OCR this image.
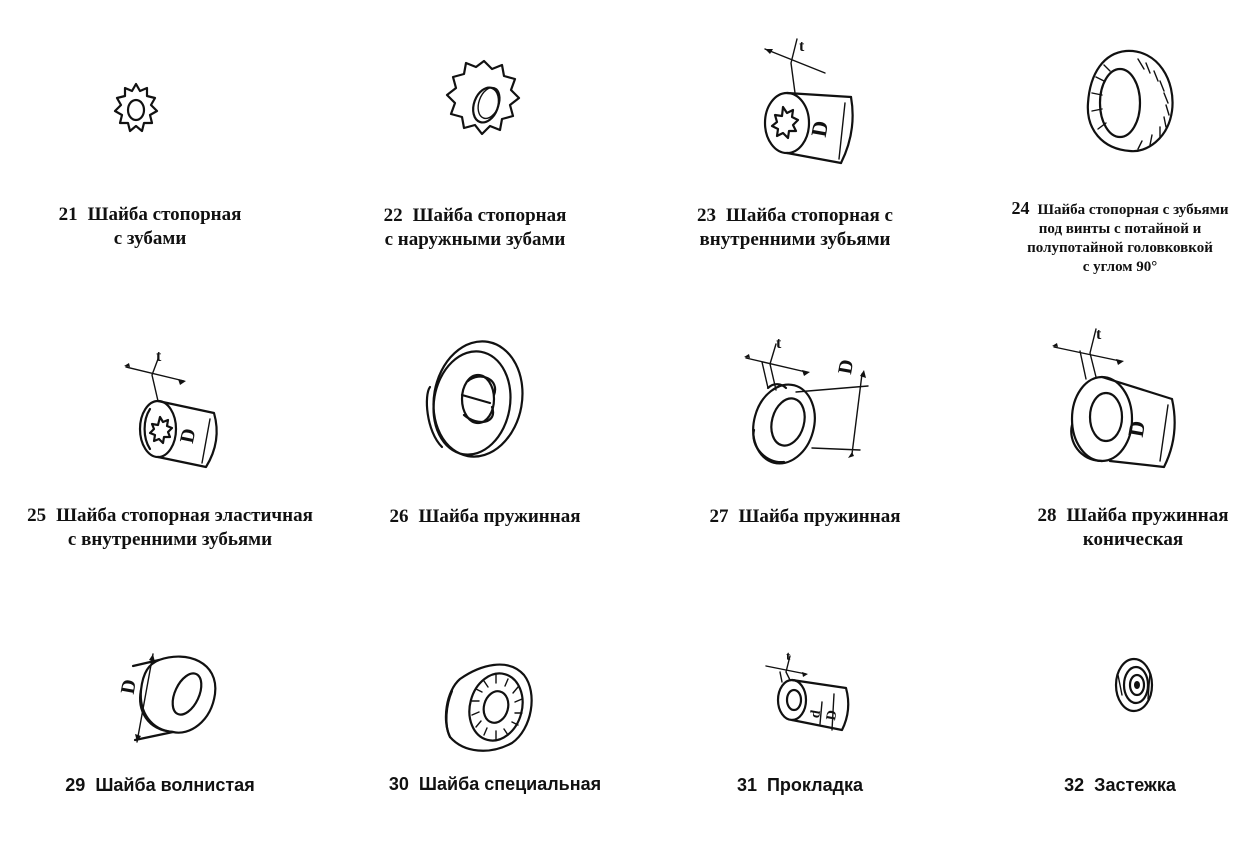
21 Шайба стопорная
с зубами
22 Шайба стопорная
с наружными зубами
t
D
23 Шайба стопорная с
внутренними зубьями
24 Шайба стопорная с зубьями
под винты с потайной и
полупотайной головковкой
с углом 90°
t
D
25 Шайба стопорная эластичная
с внутренними зубьями
26 Шайба пружинная
t
D
27 Шайба пружинная
t
D
28 Шайба пружинная
коническая
D
29 Шайба волнистая	30 Шайба специальная
t
d D
31 Прокладка	32 Застежка
